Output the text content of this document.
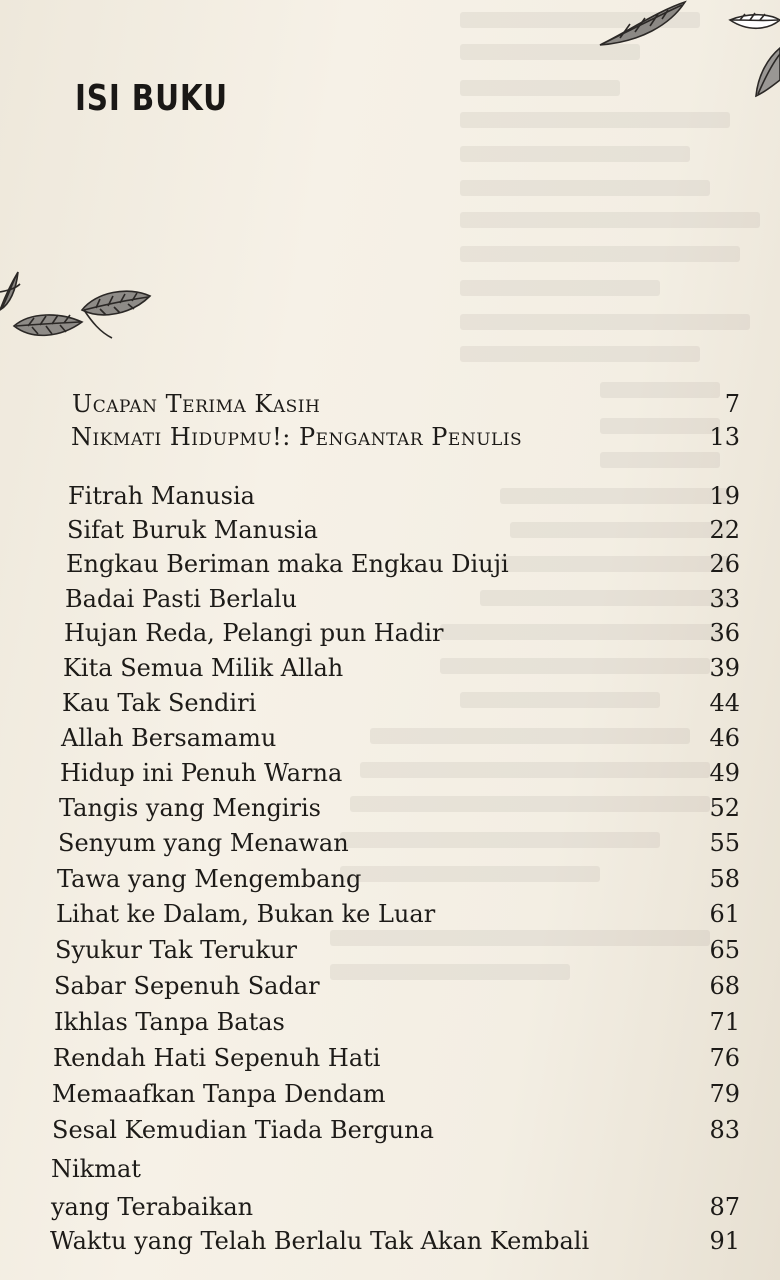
ISI BUKU
Ucapan Terima Kasih	7
Nikmati Hidupmu!: Pengantar Penulis	13
Fitrah Manusia	19
Sifat Buruk Manusia	22
Engkau Beriman maka Engkau Diuji	26
Badai Pasti Berlalu	33
Hujan Reda, Pelangi pun Hadir	36
Kita Semua Milik Allah	39
Kau Tak Sendiri	44
Allah Bersamamu	46
Hidup ini Penuh Warna	49
Tangis yang Mengiris	52
Senyum yang Menawan	55
Tawa yang Mengembang	58
Lihat ke Dalam, Bukan ke Luar	61
Syukur Tak Terukur	65
Sabar Sepenuh Sadar	68
Ikhlas Tanpa Batas	71
Rendah Hati Sepenuh Hati	76
Memaafkan Tanpa Dendam	79
Sesal Kemudian Tiada Berguna	83
Nikmat
yang Terabaikan	87
Waktu yang Telah Berlalu Tak Akan Kembali	91
